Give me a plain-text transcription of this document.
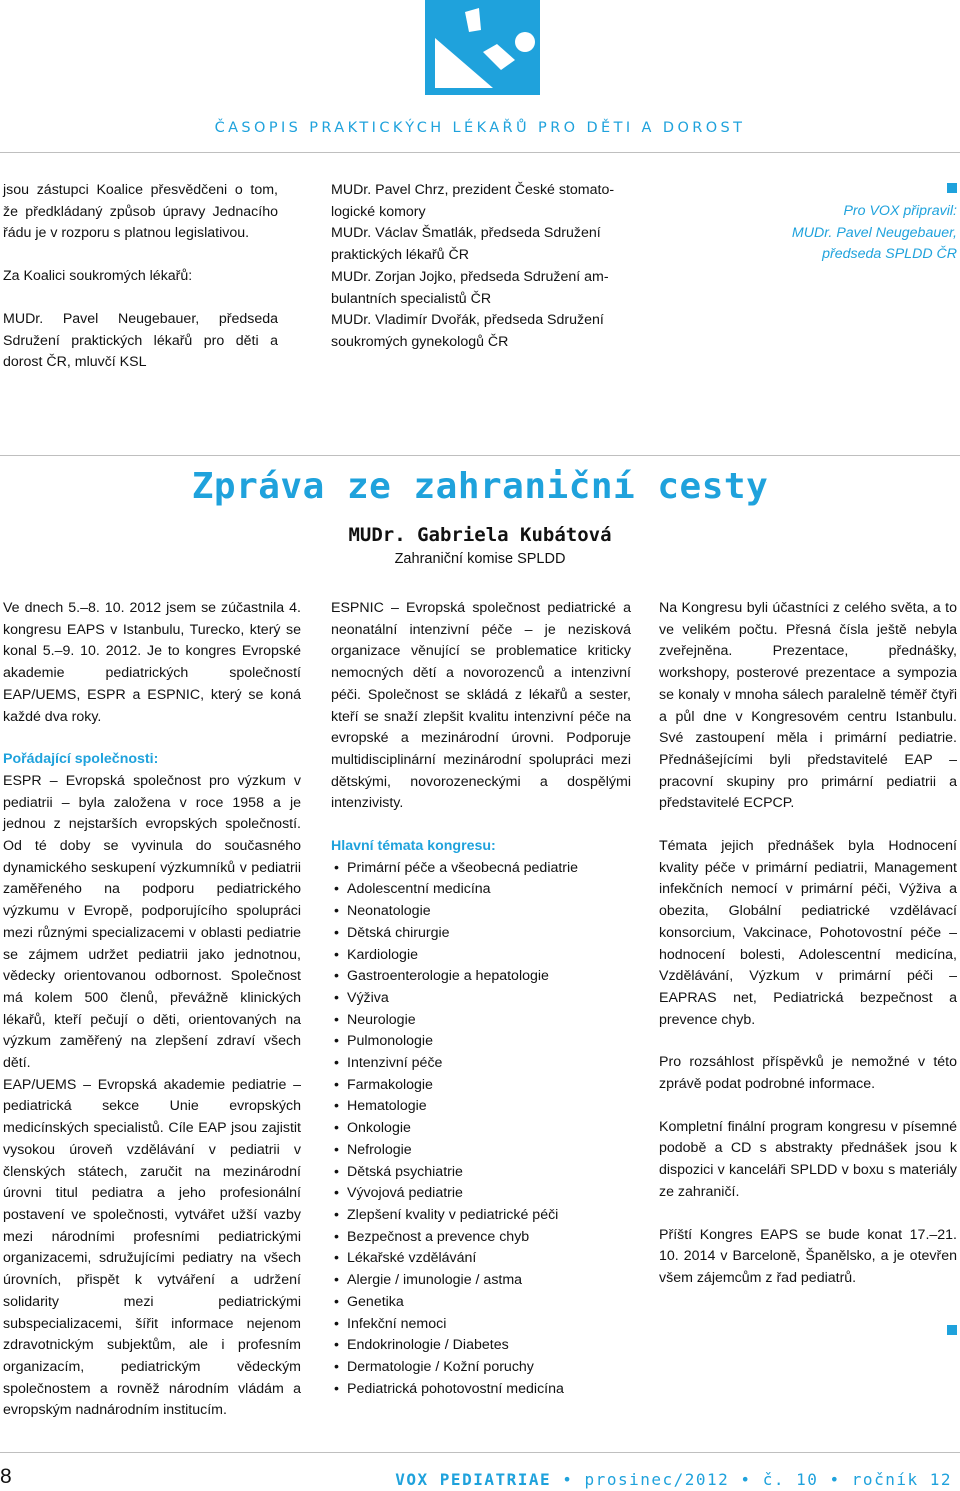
ČASOPIS PRAKTICKÝCH LÉKAŘŮ PRO DĚTI A DOROST

jsou zástupci Koalice přesvědčeni o tom, že předkládaný způsob úpravy Jednacího řádu je v rozporu s platnou legislativou.

Za Koalici soukromých lékařů:

MUDr. Pavel Neugebauer, předseda Sdružení praktických lékařů pro děti a dorost ČR, mluvčí KSL

MUDr. Pavel Chrz, prezident České stomato-
logické komory
MUDr. Václav Šmatlák, předseda Sdružení
praktických lékařů ČR
MUDr. Zorjan Jojko, předseda Sdružení am-
bulantních specialistů ČR
MUDr. Vladimír Dvořák, předseda Sdružení
soukromých gynekologů ČR
Pro VOX připravil:
MUDr. Pavel Neugebauer,
předseda SPLDD ČR
Zpráva ze zahraniční cesty
MUDr. Gabriela Kubátová
Zahraniční komise SPLDD

Ve dnech 5.–8. 10. 2012 jsem se zúčastnila 4. kongresu EAPS v Istanbulu, Turecko, který se konal 5.–9. 10. 2012. Je to kongres Evropské akademie pediatrických společností EAP/UEMS, ESPR a ESPNIC, který se koná každé dva roky.

Pořádající společnosti:
ESPR – Evropská společnost pro výzkum v pediatrii – byla založena v roce 1958 a je jednou z nejstarších evropských společností. Od té doby se vyvinula do současného dynamického seskupení výzkumníků v pediatrii zaměřeného na podporu pediatrického výzkumu v Evropě, podporujícího spolupráci mezi různými specializacemi v oblasti pediatrie se zájmem udržet pediatrii jako jednotnou, vědecky orientovanou odbornost. Společnost má kolem 500 členů, převážně klinických lékařů, kteří pečují o děti, orientovaných na výzkum zaměřený na zlepšení zdraví všech dětí.
EAP/UEMS – Evropská akademie pediatrie – pediatrická sekce Unie evropských medicínských specialistů. Cíle EAP jsou zajistit vysokou úroveň vzdělávání v pediatrii v členských státech, zaručit na mezinárodní úrovni titul pediatra a jeho profesionální postavení ve společnosti, vytvářet užší vazby mezi národními profesními pediatrickými organizacemi, sdružujícími pediatry na všech úrovních, přispět k vytváření a udržení solidarity mezi pediatrickými subspecializacemi, šířit informace nejenom zdravotnickým subjektům, ale i profesním organizacím, pediatrickým vědeckým společnostem a rovněž národním vládám a evropským nadnárodním institucím.

ESPNIC – Evropská společnost pediatrické a neonatální intenzivní péče – je nezisková organizace věnující se problematice kriticky nemocných dětí a novorozenců a intenzivní péči. Společnost se skládá z lékařů a sester, kteří se snaží zlepšit kvalitu intenzivní péče na evropské a mezinárodní úrovni. Podporuje multidisciplinární mezinárodní spolupráci mezi dětskými, novorozeneckými a dospělými intenzivisty.

Hlavní témata kongresu:
• Primární péče a všeobecná pediatrie
• Adolescentní medicína
• Neonatologie
• Dětská chirurgie
• Kardiologie
• Gastroenterologie a hepatologie
• Výživa
• Neurologie
• Pulmonologie
• Intenzivní péče
• Farmakologie
• Hematologie
• Onkologie
• Nefrologie
• Dětská psychiatrie
• Vývojová pediatrie
• Zlepšení kvality v pediatrické péči
• Bezpečnost a prevence chyb
• Lékařské vzdělávání
• Alergie / imunologie / astma
• Genetika
• Infekční nemoci
• Endokrinologie / Diabetes
• Dermatologie / Kožní poruchy
• Pediatrická pohotovostní medicína

Na Kongresu byli účastníci z celého světa, a to ve velikém počtu. Přesná čísla ještě nebyla zveřejněna. Prezentace, přednášky, workshopy, posterové prezentace a sympozia se konaly v mnoha sálech paralelně téměř čtyři a půl dne v Kongresovém centru Istanbulu. Své zastoupení měla i primární pediatrie. Přednášejícími byli představitelé EAP – pracovní skupiny pro primární pediatrii a představitelé ECPCP.

Témata jejich přednášek byla Hodnocení kvality péče v primární pediatrii, Management infekčních nemocí v primární péči, Výživa a obezita, Globální pediatrické vzdělávací konsorcium, Vakcinace, Pohotovostní péče – hodnocení bolesti, Adolescentní medicína, Vzdělávání, Výzkum v primární péči – EAPRAS net, Pediatrická bezpečnost a prevence chyb.

Pro rozsáhlost příspěvků je nemožné v této zprávě podat podrobné informace.

Kompletní finální program kongresu v písemné podobě a CD s abstrakty přednášek jsou k dispozici v kanceláři SPLDD v boxu s materiály ze zahraničí.

Příští Kongres EAPS se bude konat 17.–21. 10. 2014 v Barceloně, Španělsko, a je otevřen všem zájemcům z řad pediatrů.

8	VOX PEDIATRIAE • prosinec/2012 • č. 10 • ročník 12
